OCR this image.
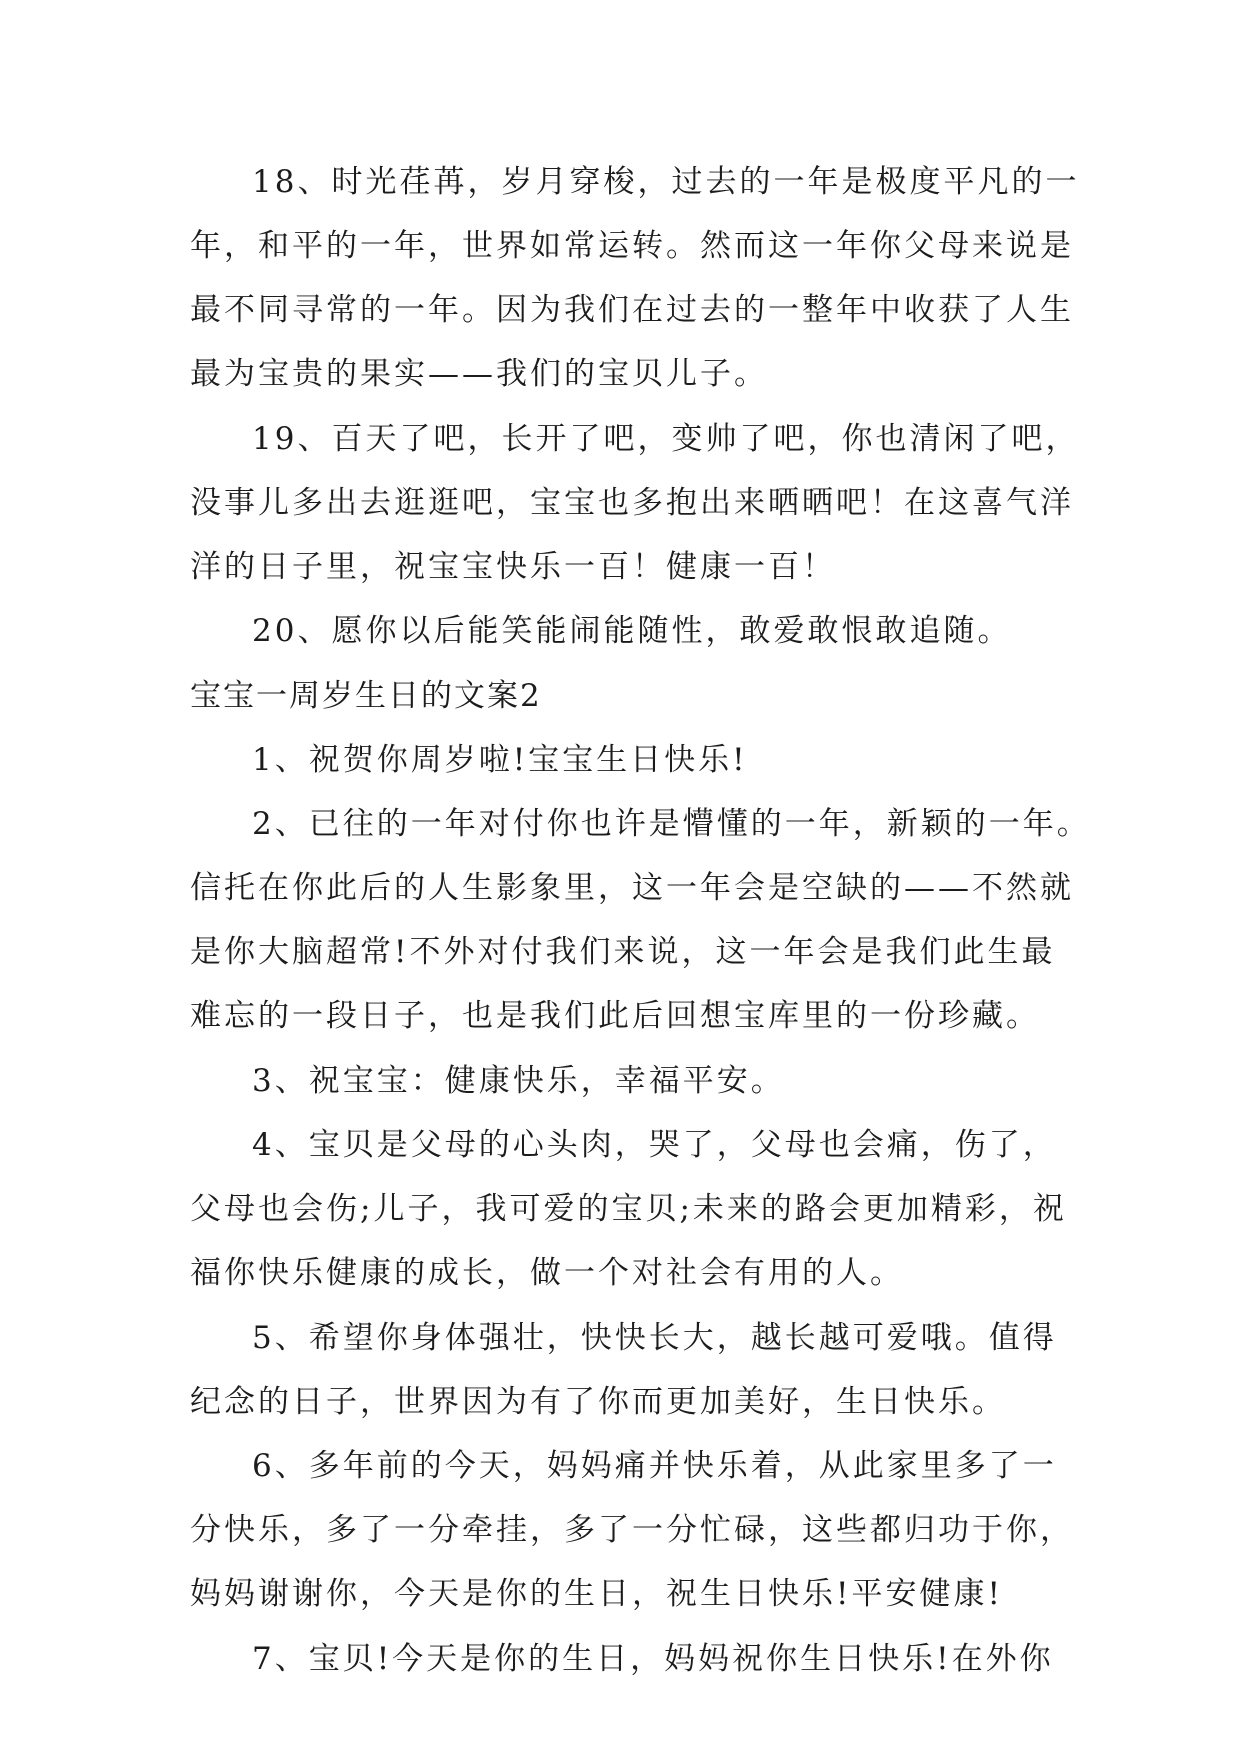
18、时光荏苒，岁月穿梭，过去的一年是极度平凡的一
年，和平的一年，世界如常运转。然而这一年你父母来说是
最不同寻常的一年。因为我们在过去的一整年中收获了人生
最为宝贵的果实——我们的宝贝儿子。
19、百天了吧，长开了吧，变帅了吧，你也清闲了吧，
没事儿多出去逛逛吧，宝宝也多抱出来晒晒吧！在这喜气洋
洋的日子里，祝宝宝快乐一百！健康一百！
20、愿你以后能笑能闹能随性，敢爱敢恨敢追随。
宝宝一周岁生日的文案2
1、祝贺你周岁啦!宝宝生日快乐!
2、已往的一年对付你也许是懵懂的一年，新颖的一年。
信托在你此后的人生影象里，这一年会是空缺的——不然就
是你大脑超常!不外对付我们来说，这一年会是我们此生最
难忘的一段日子，也是我们此后回想宝库里的一份珍藏。
3、祝宝宝：健康快乐，幸福平安。
4、宝贝是父母的心头肉，哭了，父母也会痛，伤了，
父母也会伤;儿子，我可爱的宝贝;未来的路会更加精彩，祝
福你快乐健康的成长，做一个对社会有用的人。
5、希望你身体强壮，快快长大，越长越可爱哦。值得
纪念的日子，世界因为有了你而更加美好，生日快乐。
6、多年前的今天，妈妈痛并快乐着，从此家里多了一
分快乐，多了一分牵挂，多了一分忙碌，这些都归功于你，
妈妈谢谢你，今天是你的生日，祝生日快乐!平安健康!
7、宝贝!今天是你的生日，妈妈祝你生日快乐!在外你
